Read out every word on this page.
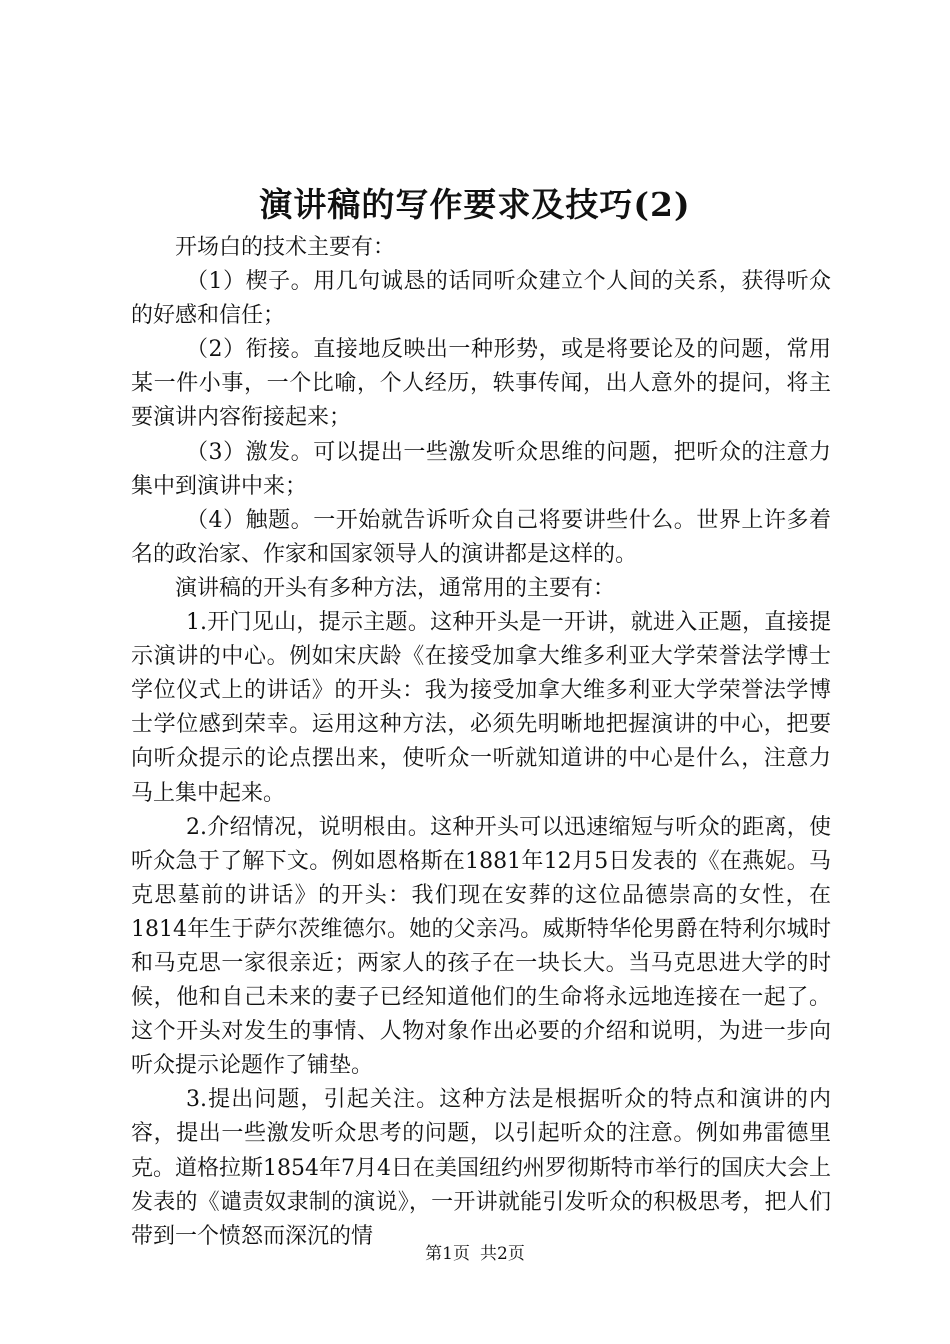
演讲稿的写作要求及技巧(2)

开场白的技术主要有：

（1）楔子。用几句诚恳的话同听众建立个人间的关系，获得听众的好感和信任；

（2）衔接。直接地反映出一种形势，或是将要论及的问题，常用某一件小事，一个比喻，个人经历，轶事传闻，出人意外的提问，将主要演讲内容衔接起来；

（3）激发。可以提出一些激发听众思维的问题，把听众的注意力集中到演讲中来；

（4）触题。一开始就告诉听众自己将要讲些什么。世界上许多着名的政治家、作家和国家领导人的演讲都是这样的。

演讲稿的开头有多种方法，通常用的主要有：

1.开门见山，提示主题。这种开头是一开讲，就进入正题，直接提示演讲的中心。例如宋庆龄《在接受加拿大维多利亚大学荣誉法学博士学位仪式上的讲话》的开头：我为接受加拿大维多利亚大学荣誉法学博士学位感到荣幸。运用这种方法，必须先明晰地把握演讲的中心，把要向听众提示的论点摆出来，使听众一听就知道讲的中心是什么，注意力马上集中起来。

2.介绍情况，说明根由。这种开头可以迅速缩短与听众的距离，使听众急于了解下文。例如恩格斯在1881年12月5日发表的《在燕妮。马克思墓前的讲话》的开头：我们现在安葬的这位品德崇高的女性，在1814年生于萨尔茨维德尔。她的父亲冯。威斯特华伦男爵在特利尔城时和马克思一家很亲近；两家人的孩子在一块长大。当马克思进大学的时候，他和自己未来的妻子已经知道他们的生命将永远地连接在一起了。这个开头对发生的事情、人物对象作出必要的介绍和说明，为进一步向听众提示论题作了铺垫。

3.提出问题，引起关注。这种方法是根据听众的特点和演讲的内容，提出一些激发听众思考的问题，以引起听众的注意。例如弗雷德里克。道格拉斯1854年7月4日在美国纽约州罗彻斯特市举行的国庆大会上发表的《谴责奴隶制的演说》，一开讲就能引发听众的积极思考，把人们带到一个愤怒而深沉的情

第1页 共2页
